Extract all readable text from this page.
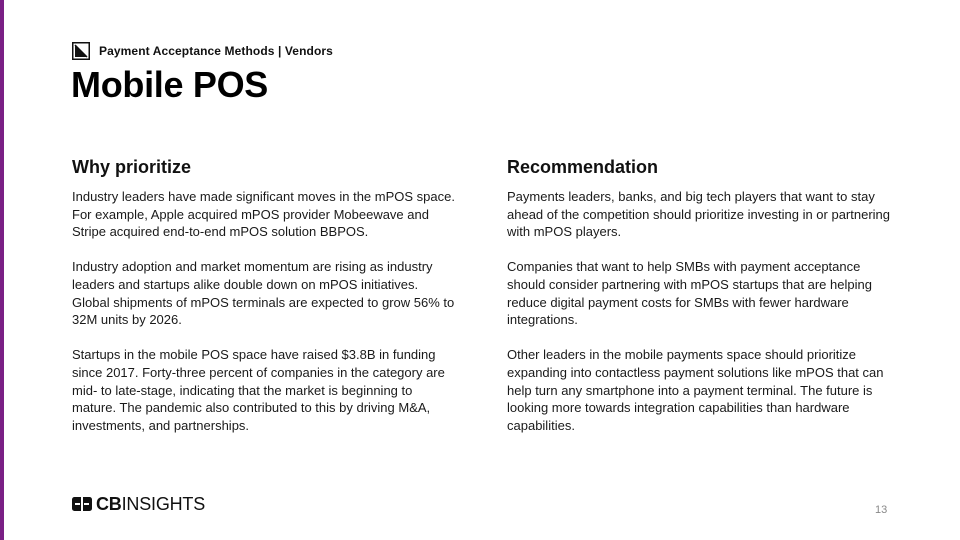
Payment Acceptance Methods | Vendors
Mobile POS
Why prioritize

Industry leaders have made significant moves in the mPOS space. For example, Apple acquired mPOS provider Mobeewave and Stripe acquired end-to-end mPOS solution BBPOS.

Industry adoption and market momentum are rising as industry leaders and startups alike double down on mPOS initiatives. Global shipments of mPOS terminals are expected to grow 56% to 32M units by 2026.

Startups in the mobile POS space have raised $3.8B in funding since 2017. Forty-three percent of companies in the category are mid- to late-stage, indicating that the market is beginning to mature. The pandemic also contributed to this by driving M&A, investments, and partnerships.

Recommendation

Payments leaders, banks, and big tech players that want to stay ahead of the competition should prioritize investing in or partnering with mPOS players.

Companies that want to help SMBs with payment acceptance should consider partnering with mPOS startups that are helping reduce digital payment costs for SMBs with fewer hardware integrations.

Other leaders in the mobile payments space should prioritize expanding into contactless payment solutions like mPOS that can help turn any smartphone into a payment terminal. The future is looking more towards integration capabilities than hardware capabilities.

CBINSIGHTS	13
